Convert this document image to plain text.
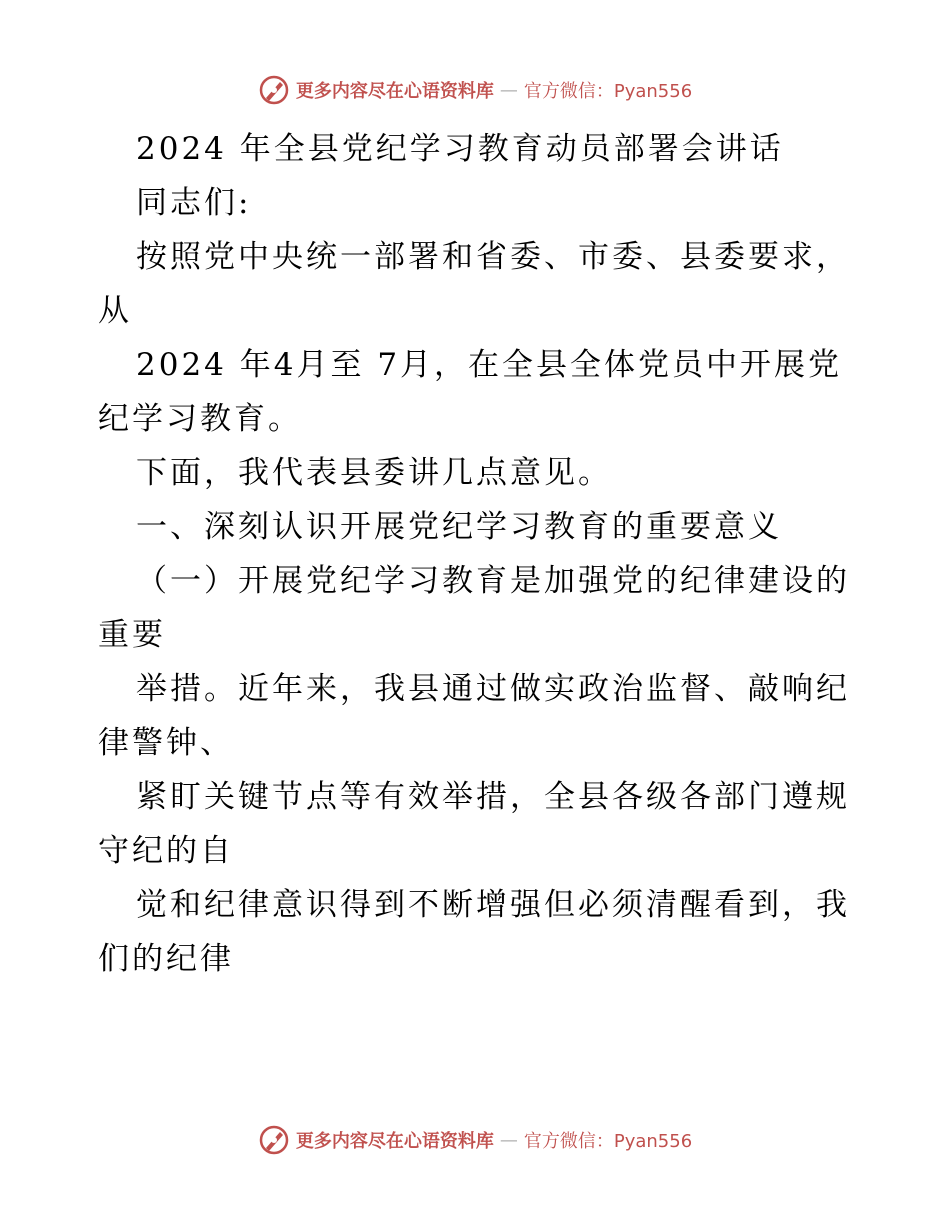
更多内容尽在心语资料库 — 官方微信：Pyan556
2024 年全县党纪学习教育动员部署会讲话
同志们:
按照党中央统一部署和省委、市委、县委要求，
从
2024 年4月至 7月，在全县全体党员中开展党
纪学习教育。
下面，我代表县委讲几点意见。
一、深刻认识开展党纪学习教育的重要意义
（一）开展党纪学习教育是加强党的纪律建设的
重要
举措。近年来，我县通过做实政治监督、敲响纪
律警钟、
紧盯关键节点等有效举措，全县各级各部门遵规
守纪的自
觉和纪律意识得到不断增强但必须清醒看到，我
们的纪律
更多内容尽在心语资料库 — 官方微信：Pyan556
